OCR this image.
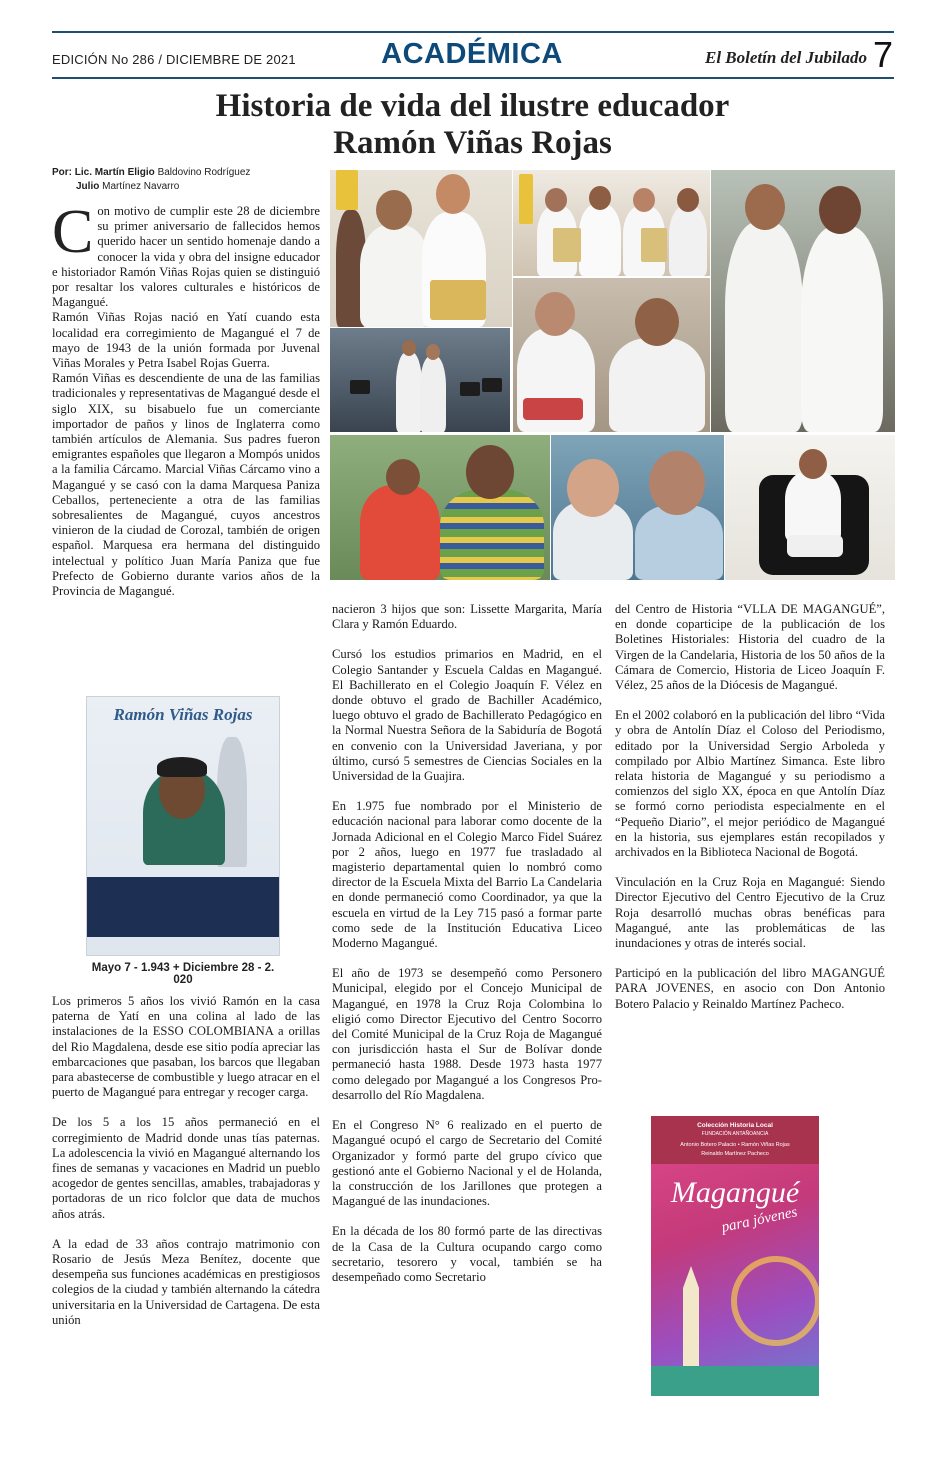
EDICIÓN No 286 / DICIEMBRE DE 2021	ACADÉMICA	El Boletín del Jubilado 7
Historia de vida del ilustre educador
Ramón Viñas Rojas
Por: Lic. Martín Eligio Baldovino Rodríguez
Julio Martínez Navarro

Con motivo de cumplir este 28 de diciembre su primer aniversario de fallecidos hemos querido hacer un sentido homenaje dando a conocer la vida y obra del insigne educador e historiador Ramón Viñas Rojas quien se distinguió por resaltar los valores culturales e históricos de Magangué.

Ramón Viñas Rojas nació en Yatí cuando esta localidad era corregimiento de Magangué el 7 de mayo de 1943 de la unión formada por Juvenal Viñas Morales y Petra Isabel Rojas Guerra.

Ramón Viñas es descendiente de una de las familias tradicionales y representativas de Magangué desde el siglo XIX, su bisabuelo fue un comerciante importador de paños y linos de Inglaterra como también artículos de Alemania. Sus padres fueron emigrantes españoles que llegaron a Mompós unidos a la familia Cárcamo. Marcial Viñas Cárcamo vino a Magangué y se casó con la dama Marquesa Paniza Ceballos, perteneciente a otra de las familias sobresalientes de Magangué, cuyos ancestros vinieron de la ciudad de Corozal, también de origen español. Marquesa era hermana del distinguido intelectual y político Juan María Paniza que fue Prefecto de Gobierno durante varios años de la Provincia de Magangué.

Ramón Viñas Rojas
Mayo 7 - 1.943 + Diciembre 28 - 2. 020

Los primeros 5 años los vivió Ramón en la casa paterna de Yatí en una colina al lado de las instalaciones de la ESSO COLOMBIANA a orillas del Rio Magdalena, desde ese sitio podía apreciar las embarcaciones que pasaban, los barcos que llegaban para abastecerse de combustible y luego atracar en el puerto de Magangué para entregar y recoger carga.

De los 5 a los 15 años permaneció en el corregimiento de Madrid donde unas tías paternas. La adolescencia la vivió en Magangué alternando los fines de semanas y vacaciones en Madrid un pueblo acogedor de gentes sencillas, amables, trabajadoras y portadoras de un rico folclor que data de muchos años atrás.

A la edad de 33 años contrajo matrimonio con Rosario de Jesús Meza Benítez, docente que desempeña sus funciones académicas en prestigiosos colegios de la ciudad y también alternando la cátedra universitaria en la Universidad de Cartagena. De esta unión

nacieron 3 hijos que son: Lissette Margarita, María Clara y Ramón Eduardo.

Cursó los estudios primarios en Madrid, en el Colegio Santander y Escuela Caldas en Magangué. El Bachillerato en el Colegio Joaquín F. Vélez en donde obtuvo el grado de Bachiller Académico, luego obtuvo el grado de Bachillerato Pedagógico en la Normal Nuestra Señora de la Sabiduría de Bogotá en convenio con la Universidad Javeriana, y por último, cursó 5 semestres de Ciencias Sociales en la Universidad de la Guajira.

En 1.975 fue nombrado por el Ministerio de educación nacional para laborar como docente de la Jornada Adicional en el Colegio Marco Fidel Suárez por 2 años, luego en 1977 fue trasladado al magisterio departamental quien lo nombró como director de la Escuela Mixta del Barrio La Candelaria en donde permaneció como Coordinador, ya que la escuela en virtud de la Ley 715 pasó a formar parte como sede de la Institución Educativa Liceo Moderno Magangué.

El año de 1973 se desempeñó como Personero Municipal, elegido por el Concejo Municipal de Magangué, en 1978 la Cruz Roja Colombina lo eligió como Director Ejecutivo del Centro Socorro del Comité Municipal de la Cruz Roja de Magangué con jurisdicción hasta el Sur de Bolívar donde permaneció hasta 1988. Desde 1973 hasta 1977 como delegado por Magangué a los Congresos Pro-desarrollo del Río Magdalena.

En el Congreso N° 6 realizado en el puerto de Magangué ocupó el cargo de Secretario del Comité Organizador y formó parte del grupo cívico que gestionó ante el Gobierno Nacional y el de Holanda, la construcción de los Jarillones que protegen a Magangué de las inundaciones.

En la década de los 80 formó parte de las directivas de la Casa de la Cultura ocupando cargo como secretario, tesorero y vocal, también se ha desempeñado como Secretario

del Centro de Historia “VLLA DE MAGANGUÉ”, en donde coparticipe de la publicación de los Boletines Historiales: Historia del cuadro de la Virgen de la Candelaria, Historia de los 50 años de la Cámara de Comercio, Historia de Liceo Joaquín F. Vélez, 25 años de la Diócesis de Magangué.

En el 2002 colaboró en la publicación del libro “Vida y obra de Antolín Díaz el Coloso del Periodismo, editado por la Universidad Sergio Arboleda y compilado por Albio Martínez Simanca. Este libro relata historia de Magangué y su periodismo a comienzos del siglo XX, época en que Antolín Díaz se formó corno periodista especialmente en el “Pequeño Diario”, el mejor periódico de Magangué en la historia, sus ejemplares están recopilados y archivados en la Biblioteca Nacional de Bogotá.

Vinculación en la Cruz Roja en Magangué: Siendo Director Ejecutivo del Centro Ejecutivo de la Cruz Roja desarrolló muchas obras benéficas para Magangué, ante las problemáticas de las inundaciones y otras de interés social.

Participó en la publicación del libro MAGANGUÉ PARA JOVENES, en asocio con Don Antonio Botero Palacio y Reinaldo Martínez Pacheco.

Colección Historia Local
FUNDACIÓN ANTAÑOANCIA
Antonio Botero Palacio • Ramón Viñas Rojas
Reinaldo Martínez Pacheco
Magangué
para jóvenes
